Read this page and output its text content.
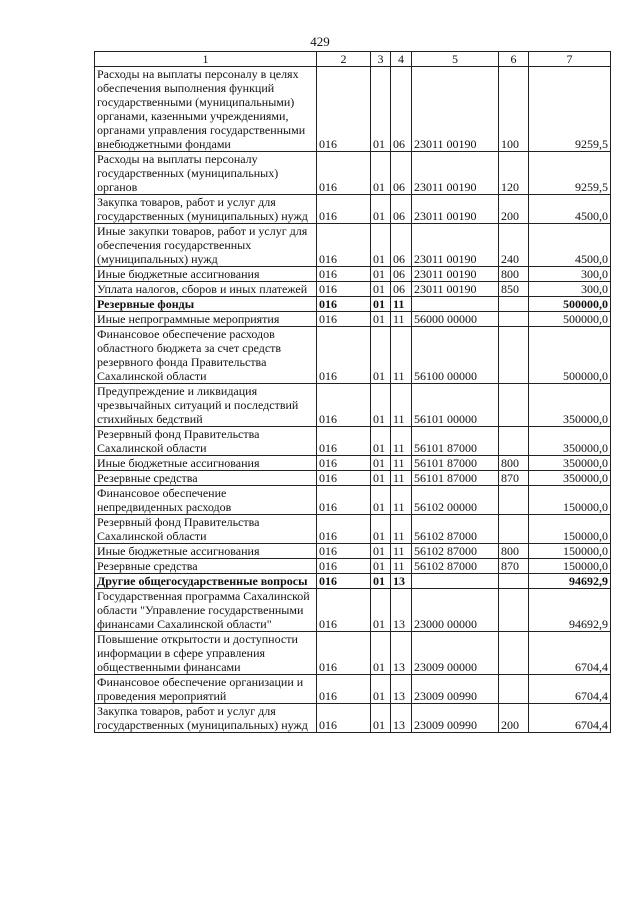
429
1	2	3	4	5	6	7
Расходы на выплаты персоналу в целях обеспечения выполнения функций государственными (муниципальными) органами, казенными учреждениями, органами управления государственными внебюджетными фондами	016	01	06	23011 00190	100	9259,5
Расходы на выплаты персоналу государственных (муниципальных) органов	016	01	06	23011 00190	120	9259,5
Закупка товаров, работ и услуг для государственных (муниципальных) нужд	016	01	06	23011 00190	200	4500,0
Иные закупки товаров, работ и услуг для обеспечения государственных (муниципальных) нужд	016	01	06	23011 00190	240	4500,0
Иные бюджетные ассигнования	016	01	06	23011 00190	800	300,0
Уплата налогов, сборов и иных платежей	016	01	06	23011 00190	850	300,0
Резервные фонды	016	01	11			500000,0
Иные непрограммные мероприятия	016	01	11	56000 00000		500000,0
Финансовое обеспечение расходов областного бюджета за счет средств резервного фонда Правительства Сахалинской области	016	01	11	56100 00000		500000,0
Предупреждение и ликвидация чрезвычайных ситуаций и последствий стихийных бедствий	016	01	11	56101 00000		350000,0
Резервный фонд Правительства Сахалинской области	016	01	11	56101 87000		350000,0
Иные бюджетные ассигнования	016	01	11	56101 87000	800	350000,0
Резервные средства	016	01	11	56101 87000	870	350000,0
Финансовое обеспечение непредвиденных расходов	016	01	11	56102 00000		150000,0
Резервный фонд Правительства Сахалинской области	016	01	11	56102 87000		150000,0
Иные бюджетные ассигнования	016	01	11	56102 87000	800	150000,0
Резервные средства	016	01	11	56102 87000	870	150000,0
Другие общегосударственные вопросы	016	01	13			94692,9
Государственная программа Сахалинской области "Управление государственными финансами Сахалинской области"	016	01	13	23000 00000		94692,9
Повышение открытости и доступности информации в сфере управления общественными финансами	016	01	13	23009 00000		6704,4
Финансовое обеспечение организации и проведения мероприятий	016	01	13	23009 00990		6704,4
Закупка товаров, работ и услуг для государственных (муниципальных) нужд	016	01	13	23009 00990	200	6704,4
